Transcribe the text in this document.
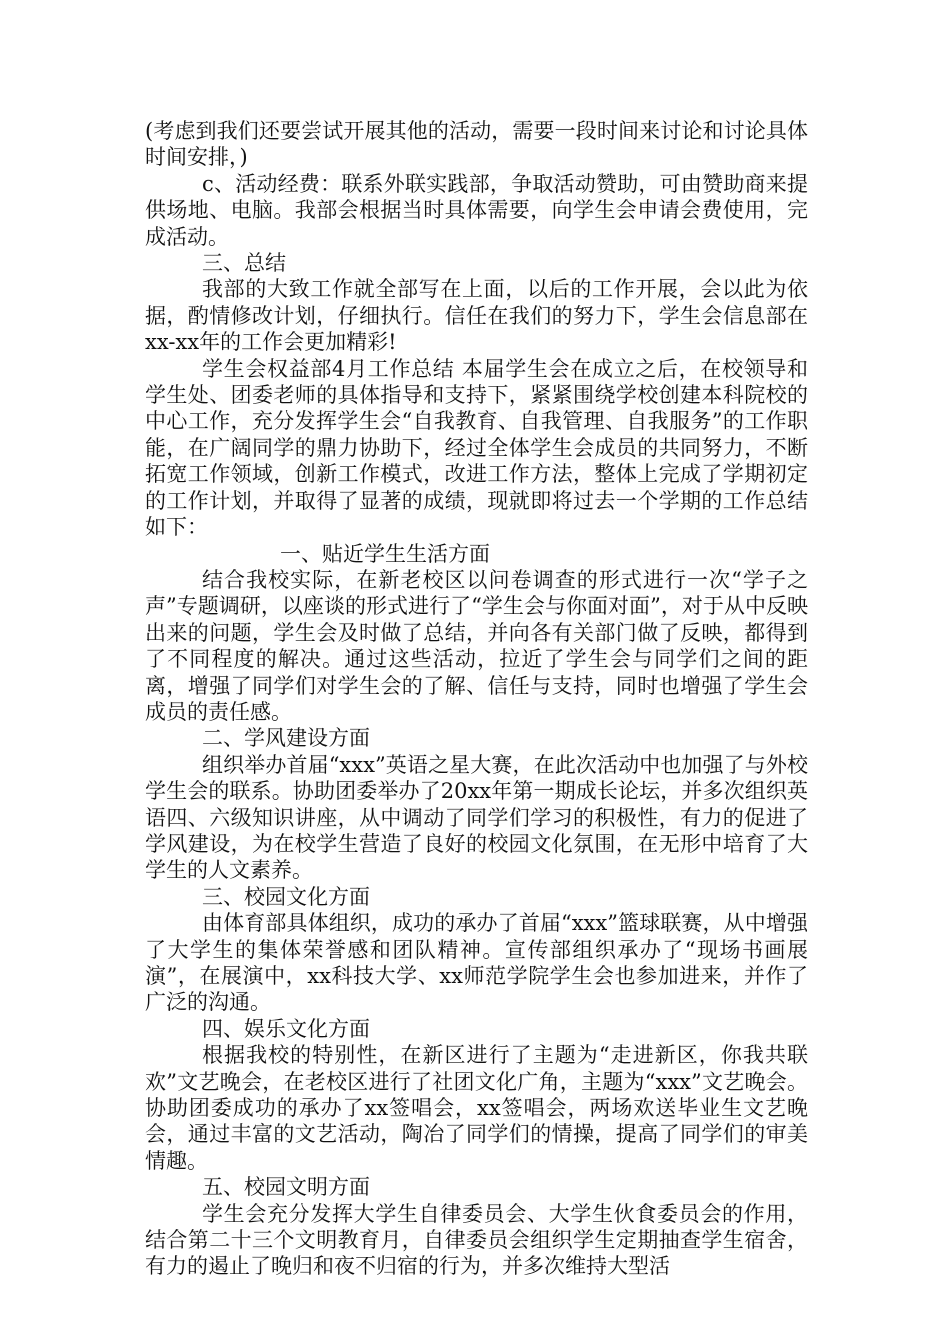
(考虑到我们还要尝试开展其他的活动，需要一段时间来讨论和讨论具体时间安排，)

c、活动经费：联系外联实践部，争取活动赞助，可由赞助商来提供场地、电脑。我部会根据当时具体需要，向学生会申请会费使用，完成活动。

三、总结

我部的大致工作就全部写在上面，以后的工作开展，会以此为依据，酌情修改计划，仔细执行。信任在我们的努力下，学生会信息部在xx-xx年的工作会更加精彩!

学生会权益部4月工作总结 本届学生会在成立之后，在校领导和学生处、团委老师的具体指导和支持下，紧紧围绕学校创建本科院校的中心工作，充分发挥学生会“自我教育、自我管理、自我服务”的工作职能，在广阔同学的鼎力协助下，经过全体学生会成员的共同努力，不断拓宽工作领域，创新工作模式，改进工作方法，整体上完成了学期初定的工作计划，并取得了显著的成绩，现就即将过去一个学期的工作总结如下：

一、贴近学生生活方面

结合我校实际，在新老校区以问卷调查的形式进行一次“学子之声”专题调研，以座谈的形式进行了“学生会与你面对面”，对于从中反映出来的问题，学生会及时做了总结，并向各有关部门做了反映，都得到了不同程度的解决。通过这些活动，拉近了学生会与同学们之间的距离，增强了同学们对学生会的了解、信任与支持，同时也增强了学生会成员的责任感。

二、学风建设方面

组织举办首届“xxx”英语之星大赛，在此次活动中也加强了与外校学生会的联系。协助团委举办了20xx年第一期成长论坛，并多次组织英语四、六级知识讲座，从中调动了同学们学习的积极性，有力的促进了学风建设，为在校学生营造了良好的校园文化氛围，在无形中培育了大学生的人文素养。

三、校园文化方面

由体育部具体组织，成功的承办了首届“xxx”篮球联赛，从中增强了大学生的集体荣誉感和团队精神。宣传部组织承办了“现场书画展演”，在展演中，xx科技大学、xx师范学院学生会也参加进来，并作了广泛的沟通。

四、娱乐文化方面

根据我校的特别性，在新区进行了主题为“走进新区，你我共联欢”文艺晚会，在老校区进行了社团文化广角，主题为“xxx”文艺晚会。协助团委成功的承办了xx签唱会，xx签唱会，两场欢送毕业生文艺晚会，通过丰富的文艺活动，陶冶了同学们的情操，提高了同学们的审美情趣。

五、校园文明方面

学生会充分发挥大学生自律委员会、大学生伙食委员会的作用，结合第二十三个文明教育月，自律委员会组织学生定期抽查学生宿舍，有力的遏止了晚归和夜不归宿的行为，并多次维持大型活
